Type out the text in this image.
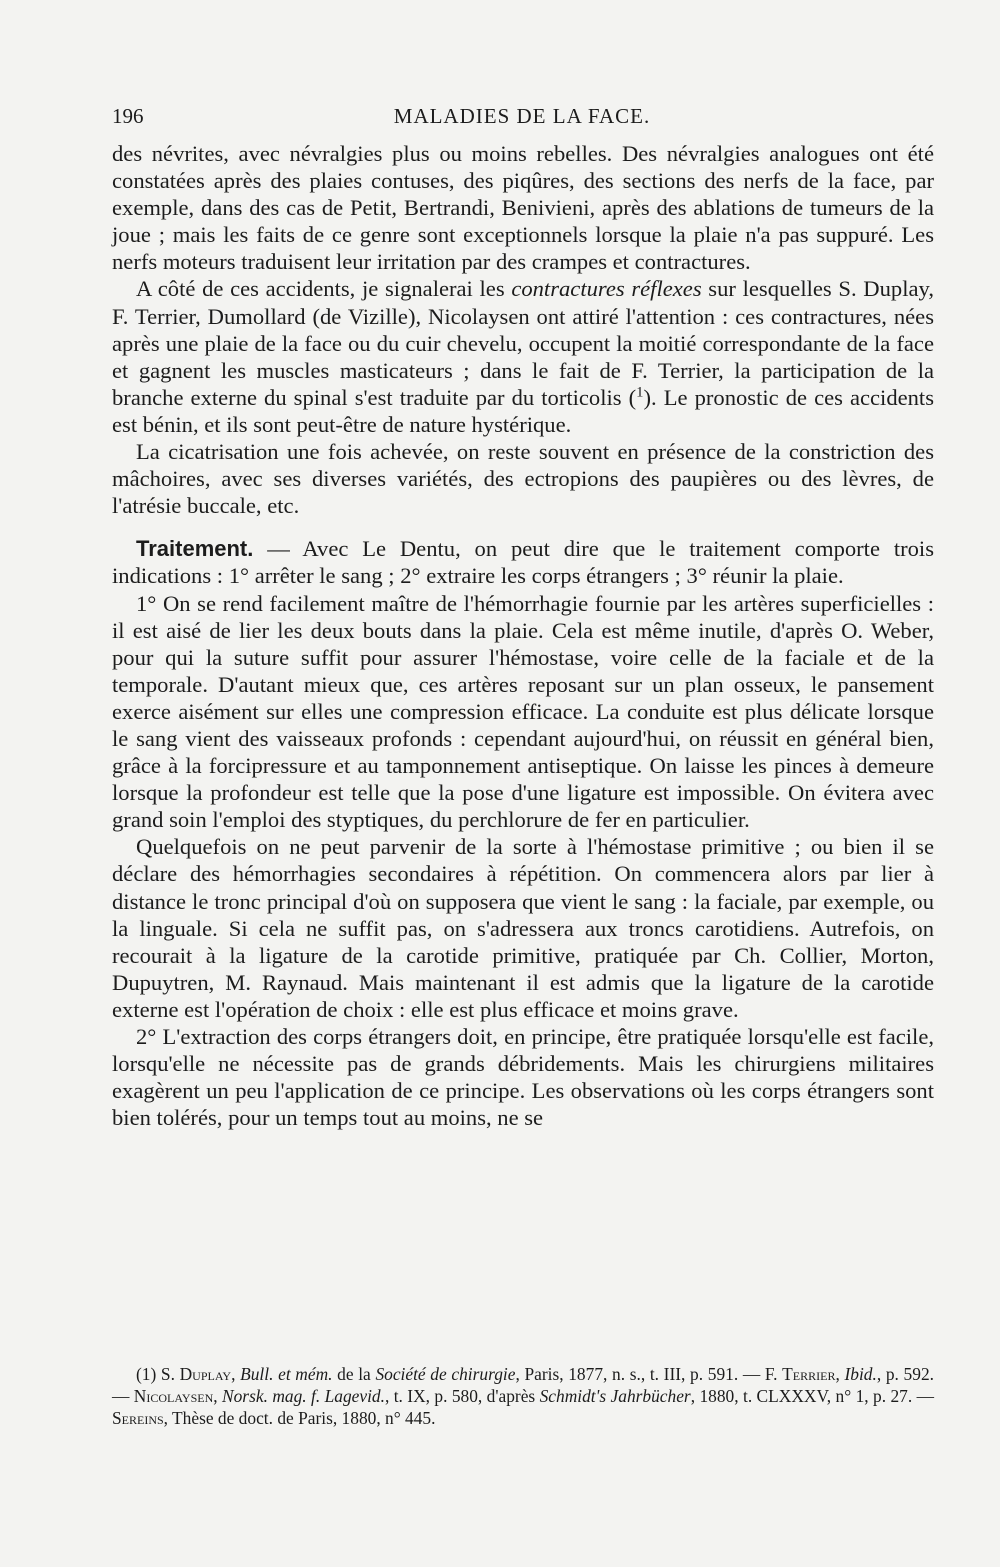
196	MALADIES DE LA FACE.

des névrites, avec névralgies plus ou moins rebelles. Des névralgies analogues ont été constatées après des plaies contuses, des piqûres, des sections des nerfs de la face, par exemple, dans des cas de Petit, Bertrandi, Benivieni, après des ablations de tumeurs de la joue ; mais les faits de ce genre sont exceptionnels lorsque la plaie n'a pas suppuré. Les nerfs moteurs traduisent leur irritation par des crampes et contractures.

A côté de ces accidents, je signalerai les contractures réflexes sur lesquelles S. Duplay, F. Terrier, Dumollard (de Vizille), Nicolaysen ont attiré l'attention : ces contractures, nées après une plaie de la face ou du cuir chevelu, occupent la moitié correspondante de la face et gagnent les muscles masticateurs ; dans le fait de F. Terrier, la participation de la branche externe du spinal s'est traduite par du torticolis ($^1$). Le pronostic de ces accidents est bénin, et ils sont peut-être de nature hystérique.

La cicatrisation une fois achevée, on reste souvent en présence de la constriction des mâchoires, avec ses diverses variétés, des ectropions des paupières ou des lèvres, de l'atrésie buccale, etc.

Traitement. — Avec Le Dentu, on peut dire que le traitement comporte trois indications : 1° arrêter le sang ; 2° extraire les corps étrangers ; 3° réunir la plaie.

1° On se rend facilement maître de l'hémorrhagie fournie par les artères superficielles : il est aisé de lier les deux bouts dans la plaie. Cela est même inutile, d'après O. Weber, pour qui la suture suffit pour assurer l'hémostase, voire celle de la faciale et de la temporale. D'autant mieux que, ces artères reposant sur un plan osseux, le pansement exerce aisément sur elles une compression efficace. La conduite est plus délicate lorsque le sang vient des vaisseaux profonds : cependant aujourd'hui, on réussit en général bien, grâce à la forcipressure et au tamponnement antiseptique. On laisse les pinces à demeure lorsque la profondeur est telle que la pose d'une ligature est impossible. On évitera avec grand soin l'emploi des styptiques, du perchlorure de fer en particulier.

Quelquefois on ne peut parvenir de la sorte à l'hémostase primitive ; ou bien il se déclare des hémorrhagies secondaires à répétition. On commencera alors par lier à distance le tronc principal d'où on supposera que vient le sang : la faciale, par exemple, ou la linguale. Si cela ne suffit pas, on s'adressera aux troncs carotidiens. Autrefois, on recourait à la ligature de la carotide primitive, pratiquée par Ch. Collier, Morton, Dupuytren, M. Raynaud. Mais maintenant il est admis que la ligature de la carotide externe est l'opération de choix : elle est plus efficace et moins grave.

2° L'extraction des corps étrangers doit, en principe, être pratiquée lorsqu'elle est facile, lorsqu'elle ne nécessite pas de grands débridements. Mais les chirurgiens militaires exagèrent un peu l'application de ce principe. Les observations où les corps étrangers sont bien tolérés, pour un temps tout au moins, ne se

(1) S. Duplay, Bull. et mém. de la Société de chirurgie, Paris, 1877, n. s., t. III, p. 591. — F. Terrier, Ibid., p. 592. — Nicolaysen, Norsk. mag. f. Lagevid., t. IX, p. 580, d'après Schmidt's Jahrbücher, 1880, t. CLXXXV, n° 1, p. 27. — Sereins, Thèse de doct. de Paris, 1880, n° 445.
